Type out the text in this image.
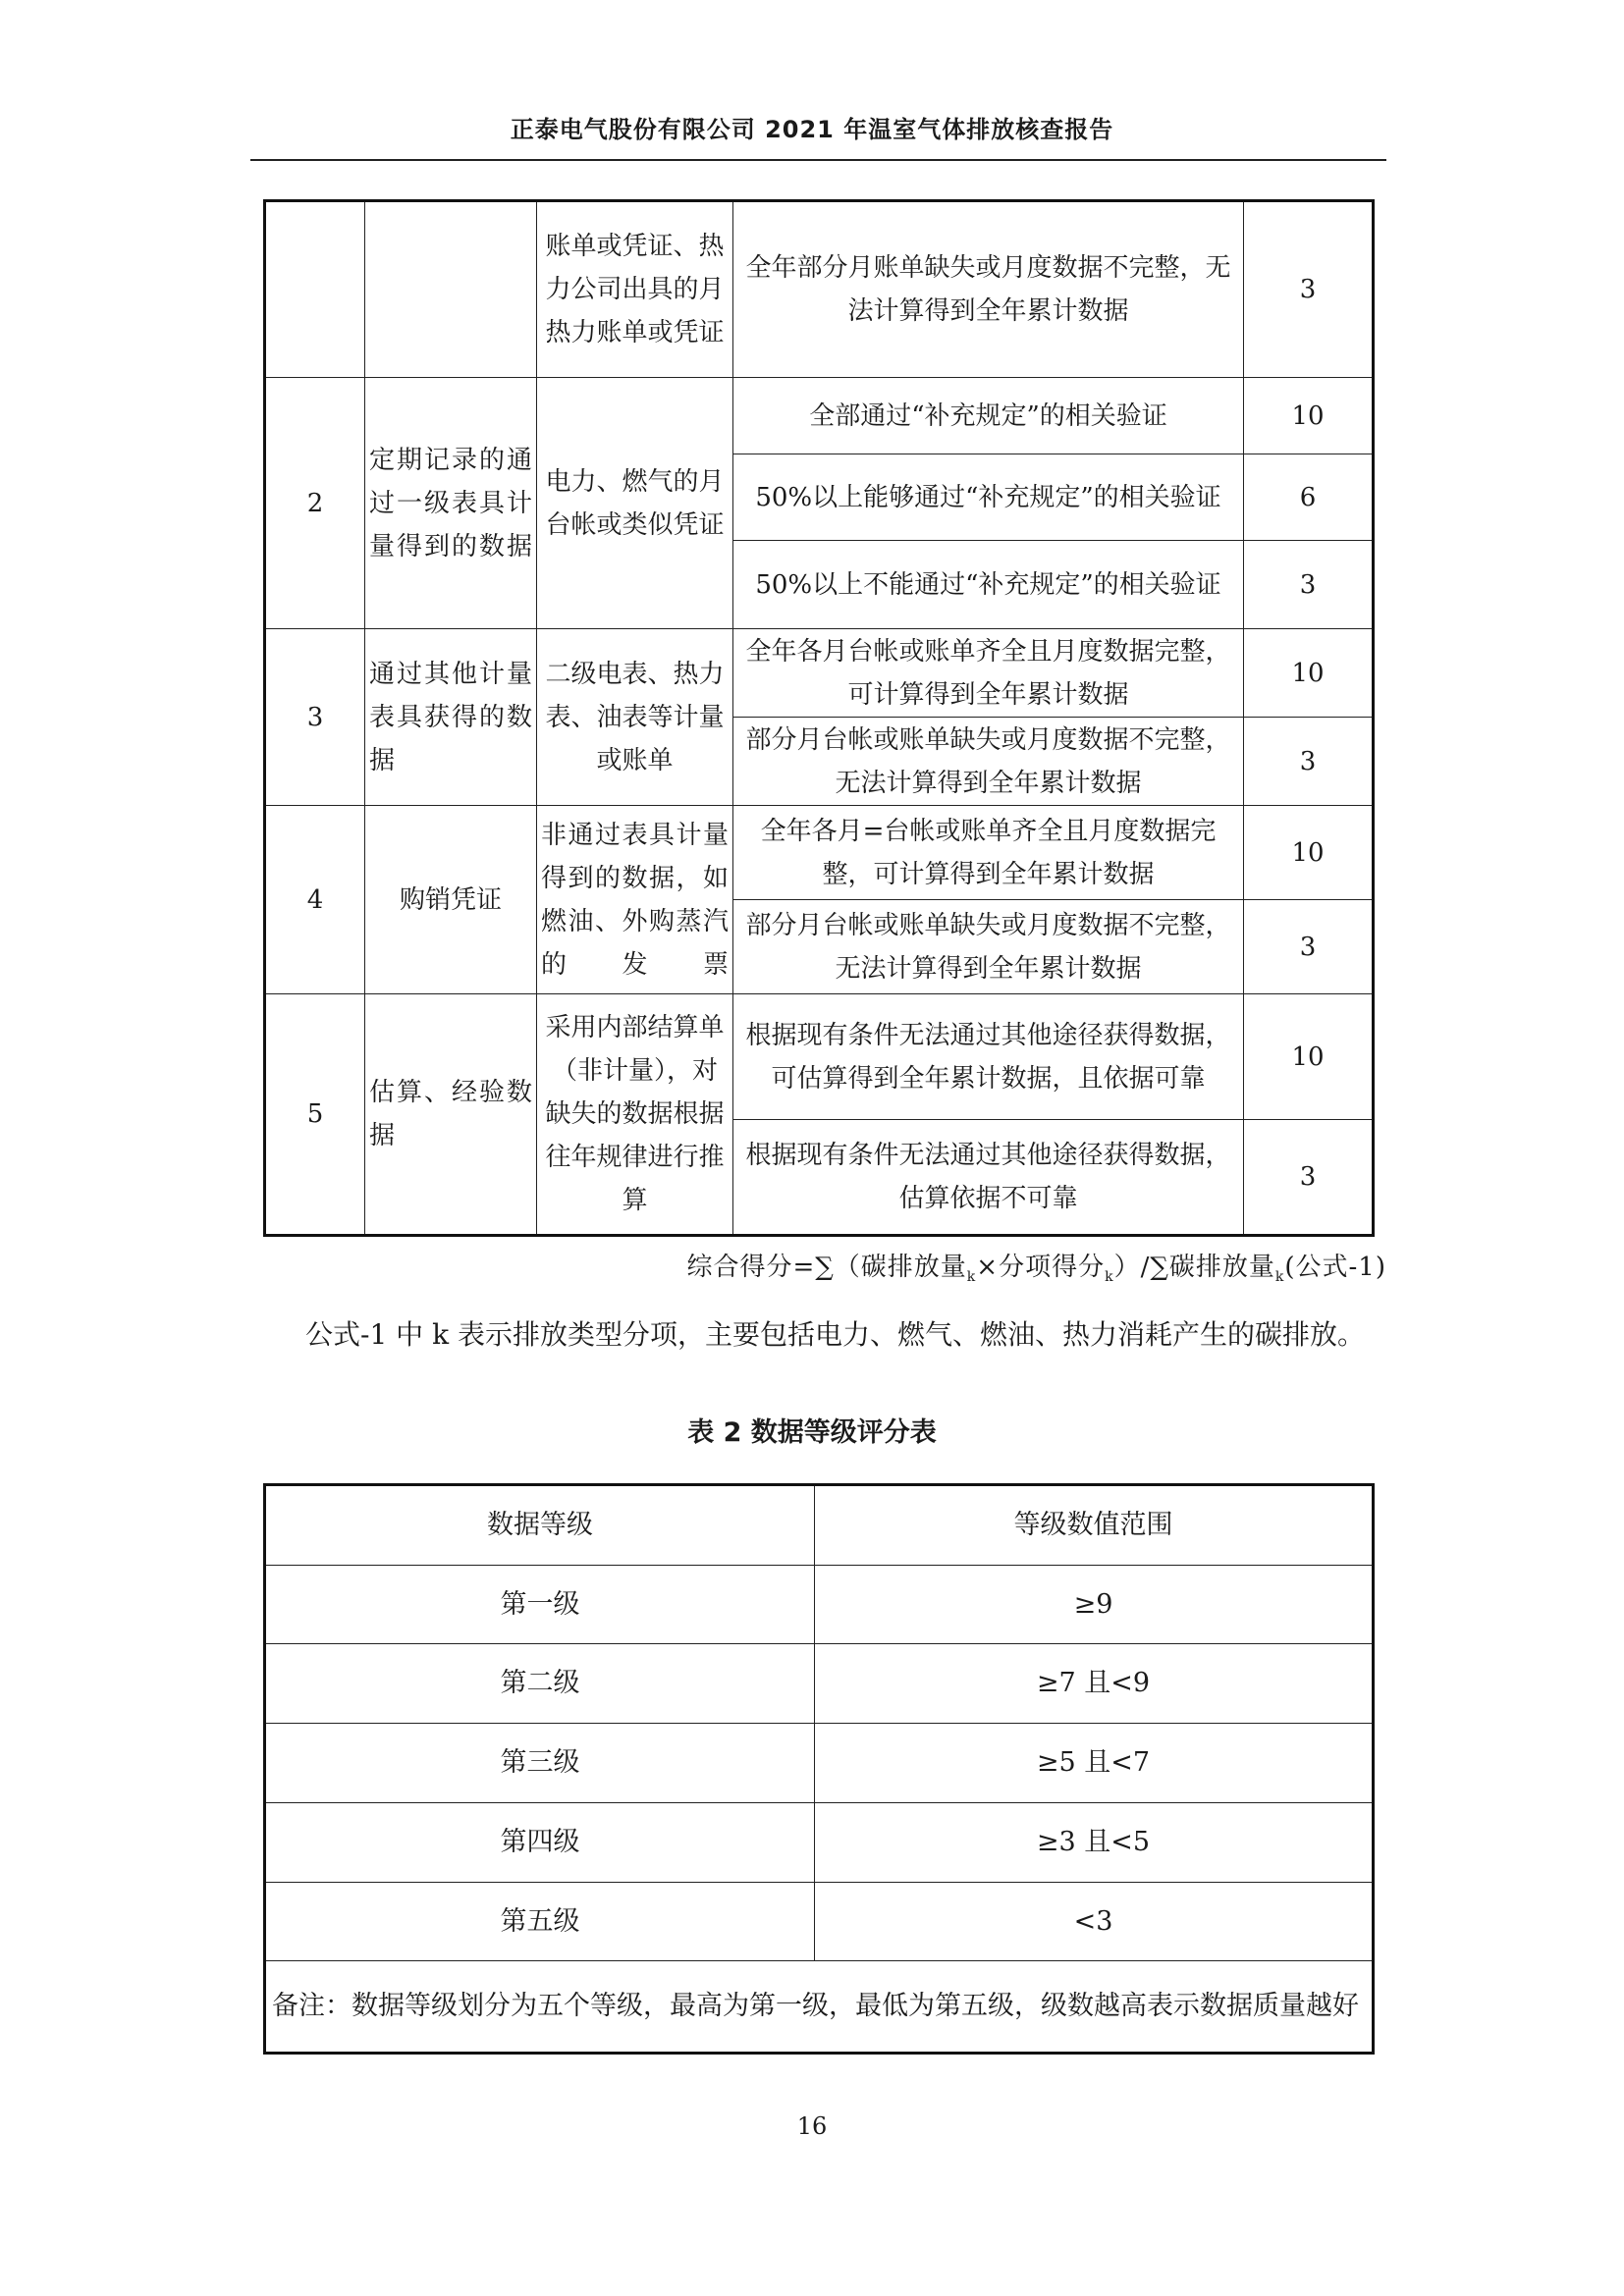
正泰电气股份有限公司 2021 年温室气体排放核查报告
		账单或凭证、热力公司出具的月热力账单或凭证	全年部分月账单缺失或月度数据不完整，无法计算得到全年累计数据	3
2	定期记录的通过一级表具计量得到的数据	电力、燃气的月台帐或类似凭证	全部通过“补充规定”的相关验证	10
			50%以上能够通过“补充规定”的相关验证	6
			50%以上不能通过“补充规定”的相关验证	3
3	通过其他计量表具获得的数据	二级电表、热力表、油表等计量或账单	全年各月台帐或账单齐全且月度数据完整，可计算得到全年累计数据	10
			部分月台帐或账单缺失或月度数据不完整，无法计算得到全年累计数据	3
4	购销凭证	非通过表具计量得到的数据，如燃油、外购蒸汽的发票	全年各月=台帐或账单齐全且月度数据完整，可计算得到全年累计数据	10
			部分月台帐或账单缺失或月度数据不完整，无法计算得到全年累计数据	3
5	估算、经验数据	采用内部结算单（非计量），对缺失的数据根据往年规律进行推算	根据现有条件无法通过其他途径获得数据，可估算得到全年累计数据，且依据可靠	10
			根据现有条件无法通过其他途径获得数据，估算依据不可靠	3
综合得分=∑（碳排放量$_k$×分项得分$_k$）/∑碳排放量$_k$(公式-1)
公式-1 中 k 表示排放类型分项，主要包括电力、燃气、燃油、热力消耗产生的碳排放。
表 2 数据等级评分表
数据等级	等级数值范围
第一级	≥9
第二级	≥7 且<9
第三级	≥5 且<7
第四级	≥3 且<5
第五级	<3
备注：数据等级划分为五个等级，最高为第一级，最低为第五级，级数越高表示数据质量越好	
16
